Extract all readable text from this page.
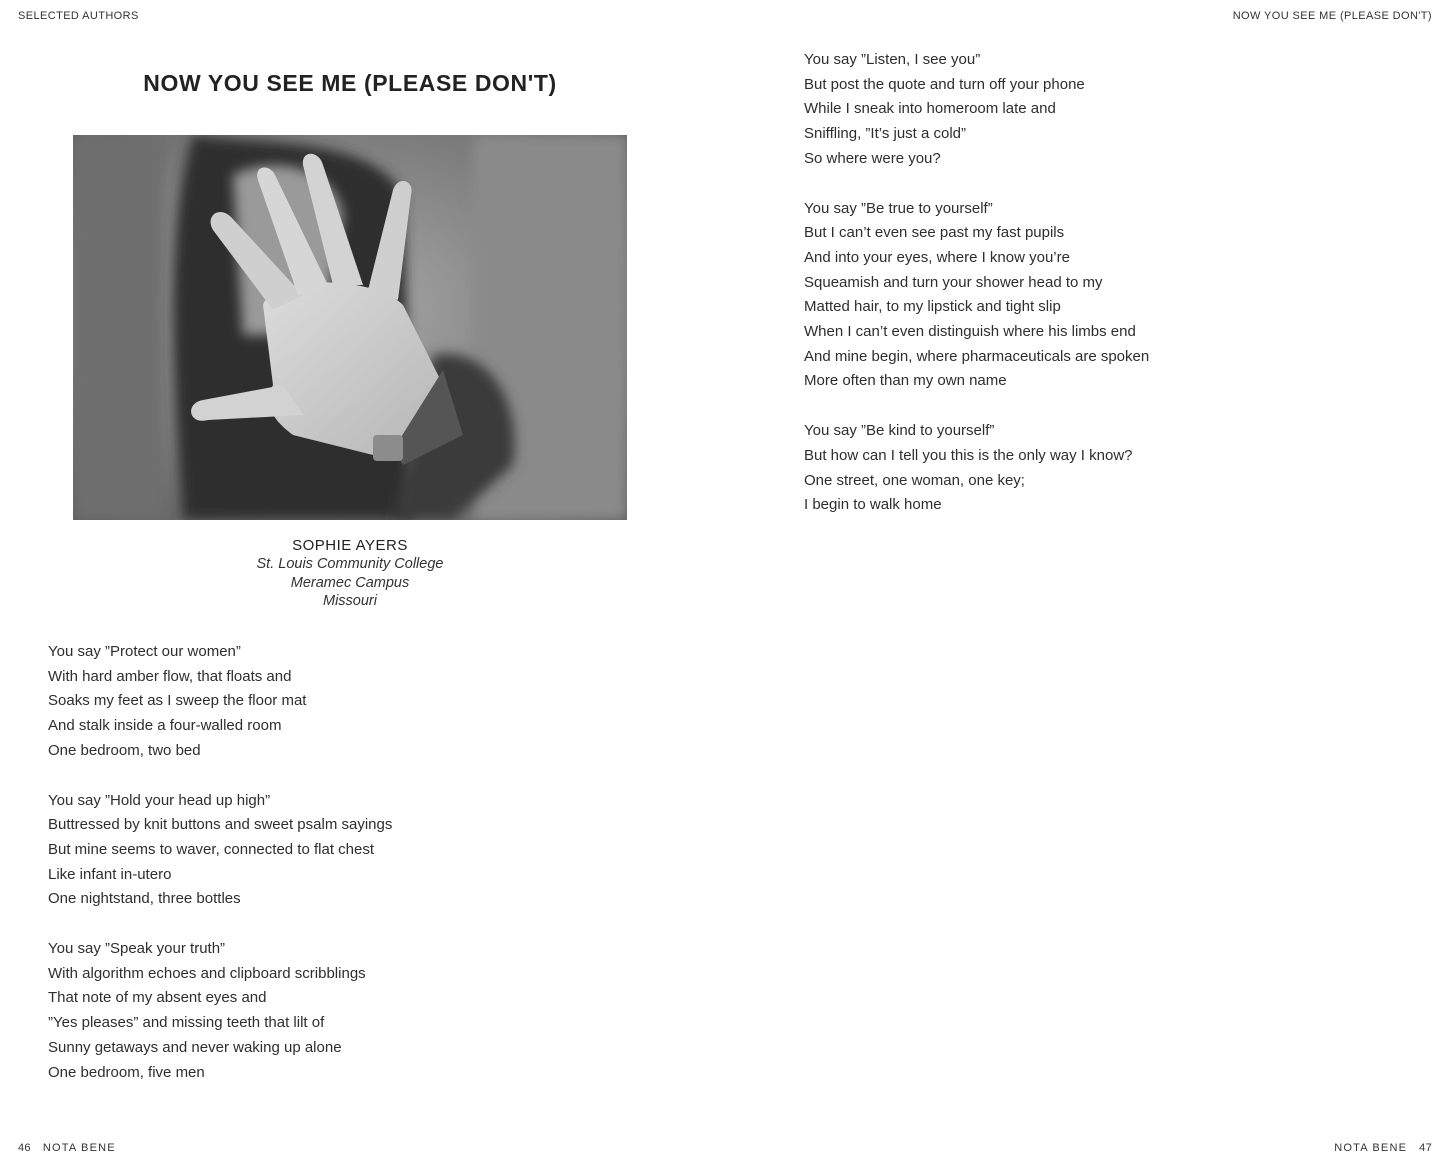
SELECTED AUTHORS	NOW YOU SEE ME (PLEASE DON'T)
NOW YOU SEE ME (PLEASE DON'T)
SOPHIE AYERS
St. Louis Community College
Meramec Campus
Missouri
You say ”Protect our women”
With hard amber flow, that floats and
Soaks my feet as I sweep the floor mat
And stalk inside a four-walled room
One bedroom, two bed
You say ”Hold your head up high”
Buttressed by knit buttons and sweet psalm sayings
But mine seems to waver, connected to flat chest
Like infant in-utero
One nightstand, three bottles
You say ”Speak your truth”
With algorithm echoes and clipboard scribblings
That note of my absent eyes and
”Yes pleases” and missing teeth that lilt of
Sunny getaways and never waking up alone
One bedroom, five men
You say ”Listen, I see you”
But post the quote and turn off your phone
While I sneak into homeroom late and
Sniffling, ”It’s just a cold”
So where were you?
You say ”Be true to yourself”
But I can’t even see past my fast pupils
And into your eyes, where I know you’re
Squeamish and turn your shower head to my
Matted hair, to my lipstick and tight slip
When I can’t even distinguish where his limbs end
And mine begin, where pharmaceuticals are spoken
More often than my own name
You say ”Be kind to yourself”
But how can I tell you this is the only way I know?
One street, one woman, one key;
I begin to walk home
46 NOTA BENE	NOTA BENE 47
